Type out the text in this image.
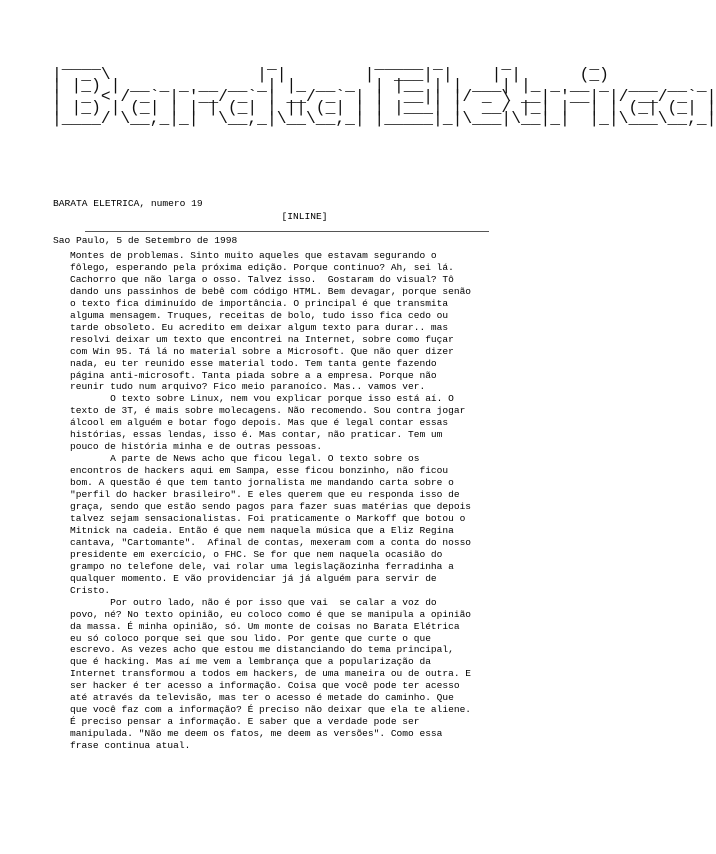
____                 _          _____ _      _        _
|  _ \               | |        |  ___| |    | |      (_)
| |_) | __ _ _ __ __ _| |_ __ _  | |__ | | ___| |_ _ __ _  ___ __ _
|  _ < / _` | '__/ _` | __/ _` | |  __|| |/ _ \ __| '__| |/ __/ _` |
| |_) | (_| | | | (_| | || (_| | | |___| |  __/ |_| |  | | (_| (_| |
|____/ \__,_|_|  \__,_|\__\__,_| |_____|_|\___|\__|_|  |_|\___\__,_|

BARATA ELETRICA, numero 19

Sao Paulo, 5 de Setembro de 1998

[INLINE]
Montes de problemas. Sinto muito aqueles que estavam segurando o
fôlego, esperando pela próxima edição. Porque continuo? Ah, sei lá.
Cachorro que não larga o osso. Talvez isso.  Gostaram do visual? Tô
dando uns passinhos de bebê com código HTML. Bem devagar, porque senão
o texto fica diminuído de importância. O principal é que transmita
alguma mensagem. Truques, receitas de bolo, tudo isso fica cedo ou
tarde obsoleto. Eu acredito em deixar algum texto para durar.. mas
resolvi deixar um texto que encontrei na Internet, sobre como fuçar
com Win 95. Tá lá no material sobre a Microsoft. Que não quer dizer
nada, eu ter reunido esse material todo. Tem tanta gente fazendo
página anti-microsoft. Tanta piada sobre a a empresa. Porque não
reunir tudo num arquivo? Fico meio paranoíco. Mas.. vamos ver.
O texto sobre Linux, nem vou explicar porque isso está aí. O
texto de 3T, é mais sobre molecagens. Não recomendo. Sou contra jogar
álcool em alguém e botar fogo depois. Mas que é legal contar essas
histórias, essas lendas, isso é. Mas contar, não praticar. Tem um
pouco de história minha e de outras pessoas.
A parte de News acho que ficou legal. O texto sobre os
encontros de hackers aqui em Sampa, esse ficou bonzinho, não ficou
bom. A questão é que tem tanto jornalista me mandando carta sobre o
"perfil do hacker brasileiro". E eles querem que eu responda isso de
graça, sendo que estão sendo pagos para fazer suas matérias que depois
talvez sejam sensacionalistas. Foi praticamente o Markoff que botou o
Mitnick na cadeia. Então é que nem naquela música que a Eliz Regina
cantava, "Cartomante".  Afinal de contas, mexeram com a conta do nosso
presidente em exercício, o FHC. Se for que nem naquela ocasião do
grampo no telefone dele, vai rolar uma legislaçãozinha ferradinha a
qualquer momento. E vão providenciar já já alguém para servir de
Cristo.
Por outro lado, não é por isso que vai  se calar a voz do
povo, né? No texto opinião, eu coloco como é que se manipula a opinião
da massa. É minha opinião, só. Um monte de coisas no Barata Elétrica
eu só coloco porque sei que sou lido. Por gente que curte o que
escrevo. As vezes acho que estou me distanciando do tema principal,
que é hacking. Mas aí me vem a lembrança que a popularização da
Internet transformou a todos em hackers, de uma maneira ou de outra. E
ser hacker é ter acesso a informação. Coisa que você pode ter acesso
até através da televisão, mas ter o acesso é metade do caminho. Que
que você faz com a informação? É preciso não deixar que ela te aliene.
É preciso pensar a informação. E saber que a verdade pode ser
manipulada. "Não me deem os fatos, me deem as versões". Como essa
frase continua atual.
